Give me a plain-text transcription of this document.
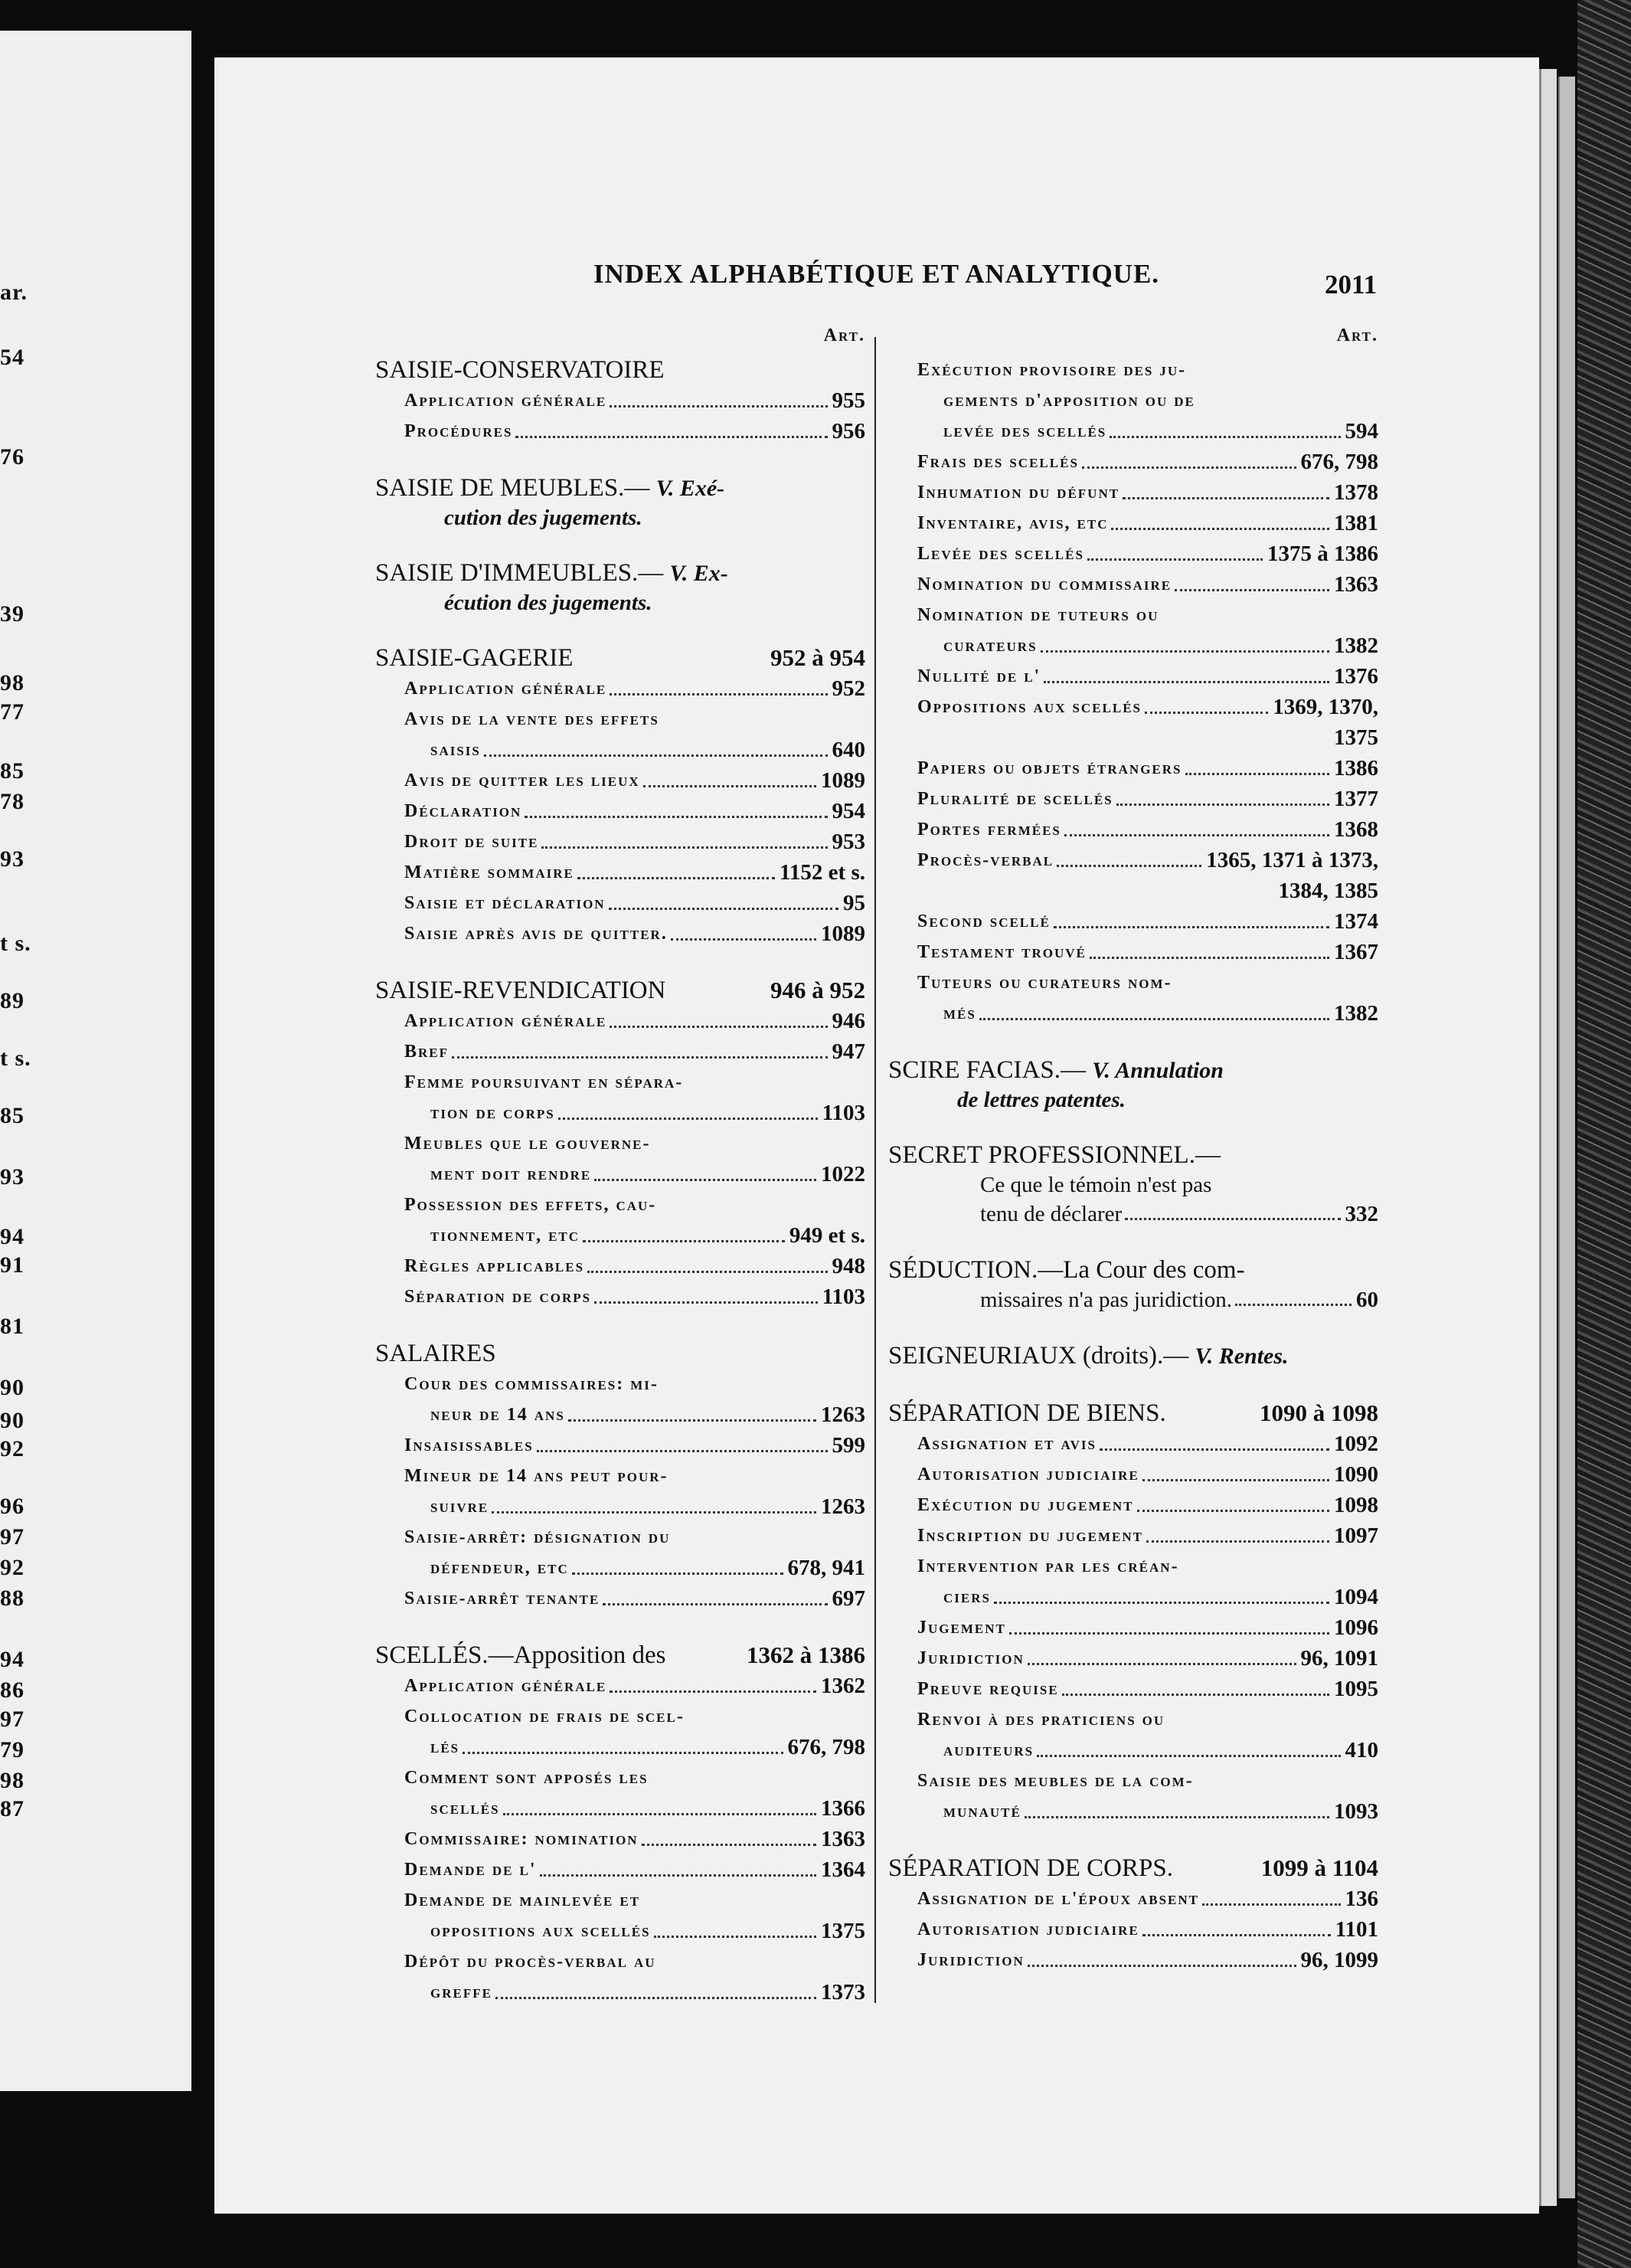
ar.
54
76
39
98
77
85
78
93
t s.
89
t s.
85
93
94
91
81
90
90
92
96
97
92
88
94
86
97
79
98
87
INDEX ALPHABÉTIQUE ET ANALYTIQUE.	2011
Art.
SAISIE-CONSERVATOIRE
Application générale	955
Procédures	956
SAISIE DE MEUBLES.— V. Exé-
cution des jugements.
SAISIE D'IMMEUBLES.— V. Ex-
écution des jugements.
SAISIE-GAGERIE	952 à 954
Application générale	952
Avis de la vente des effets
saisis	640
Avis de quitter les lieux	1089
Déclaration	954
Droit de suite	953
Matière sommaire	1152 et s.
Saisie et déclaration	95
Saisie après avis de quitter.	1089
SAISIE-REVENDICATION	946 à 952
Application générale	946
Bref	947
Femme poursuivant en sépara-
tion de corps	1103
Meubles que le gouverne-
ment doit rendre	1022
Possession des effets, cau-
tionnement, etc	949 et s.
Règles applicables	948
Séparation de corps	1103
SALAIRES
Cour des commissaires: mi-
neur de 14 ans	1263
Insaisissables	599
Mineur de 14 ans peut pour-
suivre	1263
Saisie-arrêt: désignation du
défendeur, etc	678, 941
Saisie-arrêt tenante	697
SCELLÉS.—Apposition des	1362 à 1386
Application générale	1362
Collocation de frais de scel-
lés	676, 798
Comment sont apposés les
scellés	1366
Commissaire: nomination	1363
Demande de l'	1364
Demande de mainlevée et
oppositions aux scellés	1375
Dépôt du procès-verbal au
greffe	1373
Art.
Exécution provisoire des ju-
gements d'apposition ou de
levée des scellés	594
Frais des scellés	676, 798
Inhumation du défunt	1378
Inventaire, avis, etc	1381
Levée des scellés	1375 à 1386
Nomination du commissaire	1363
Nomination de tuteurs ou
curateurs	1382
Nullité de l'	1376
Oppositions aux scellés	1369, 1370,
1375
Papiers ou objets étrangers	1386
Pluralité de scellés	1377
Portes fermées	1368
Procès-verbal	1365, 1371 à 1373,
1384, 1385
Second scellé	1374
Testament trouvé	1367
Tuteurs ou curateurs nom-
més	1382
SCIRE FACIAS.— V. Annulation
de lettres patentes.
SECRET PROFESSIONNEL.—
Ce que le témoin n'est pas
tenu de déclarer	332
SÉDUCTION.—La Cour des com-
missaires n'a pas juridiction.	60
SEIGNEURIAUX (droits).— V. Rentes.
SÉPARATION DE BIENS.	1090 à 1098
Assignation et avis	1092
Autorisation judiciaire	1090
Exécution du jugement	1098
Inscription du jugement	1097
Intervention par les créan-
ciers	1094
Jugement	1096
Juridiction	96, 1091
Preuve requise	1095
Renvoi à des praticiens ou
auditeurs	410
Saisie des meubles de la com-
munauté	1093
SÉPARATION DE CORPS.	1099 à 1104
Assignation de l'époux absent	136
Autorisation judiciaire	1101
Juridiction	96, 1099
